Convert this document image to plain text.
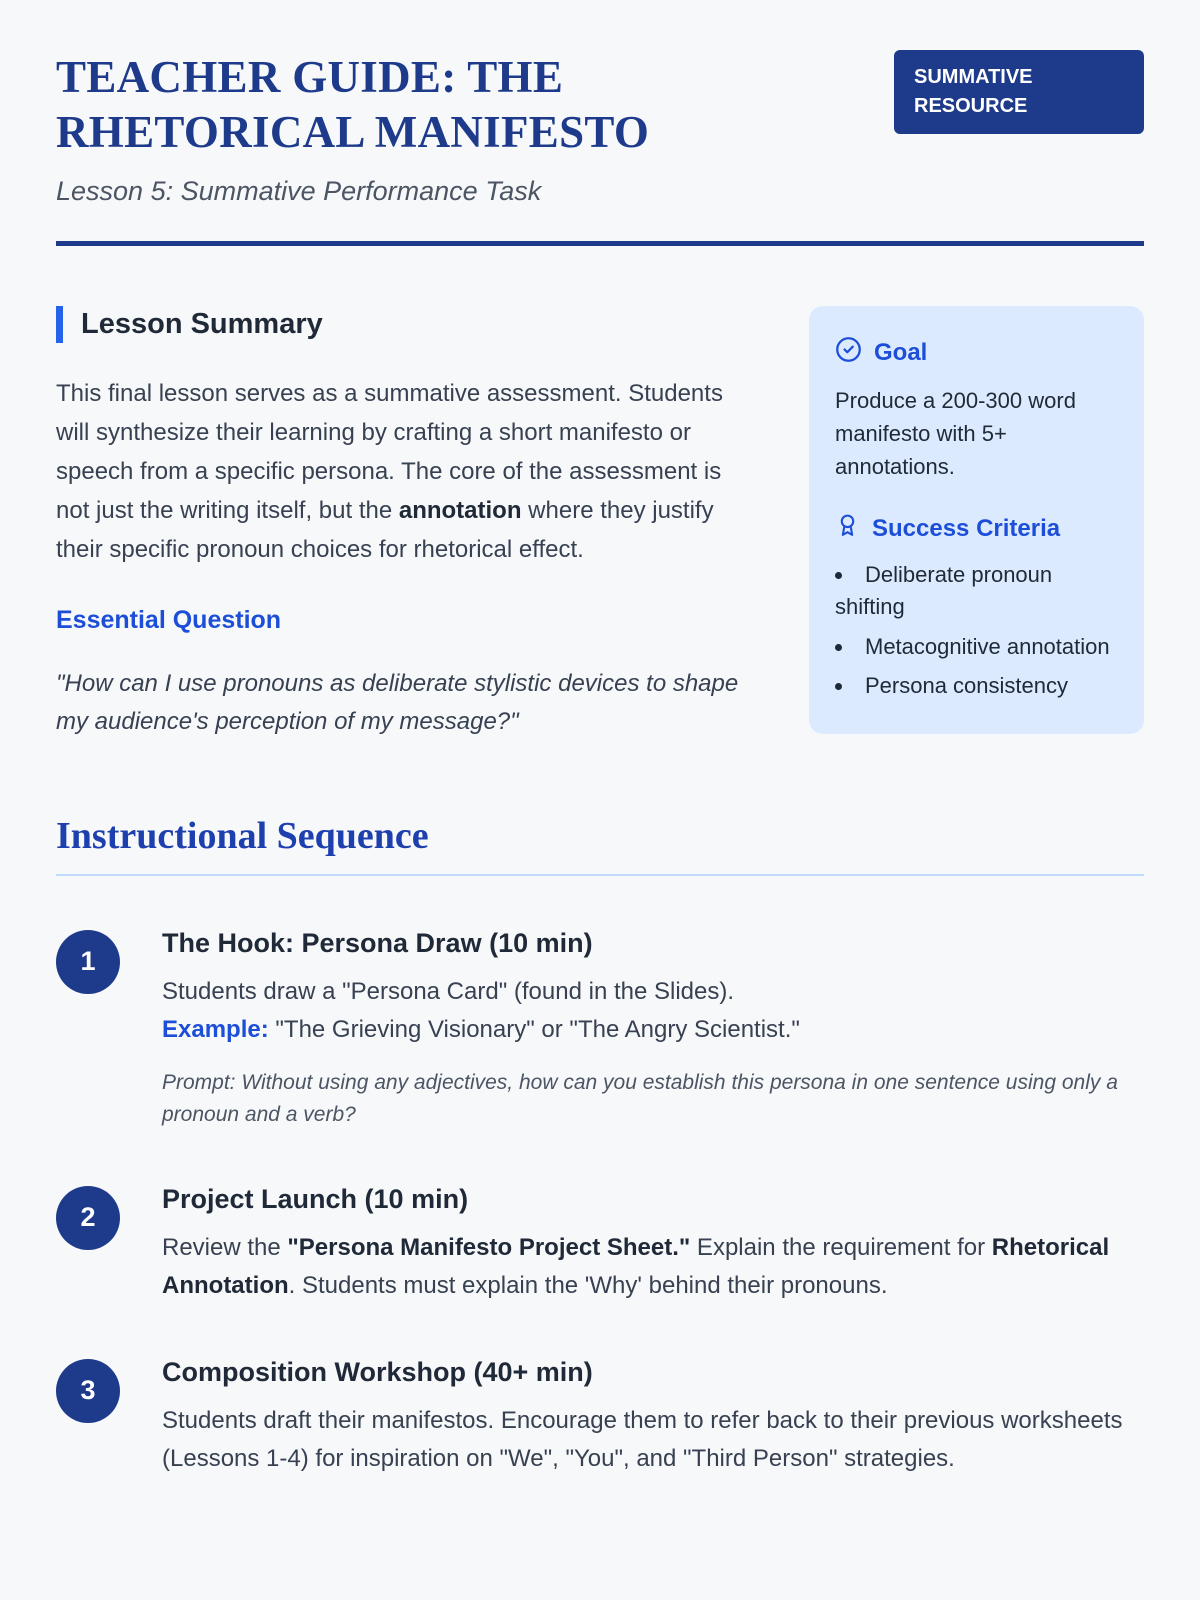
TEACHER GUIDE: THE RHETORICAL MANIFESTO
SUMMATIVE RESOURCE

Lesson 5: Summative Performance Task

Lesson Summary

This final lesson serves as a summative assessment. Students will synthesize their learning by crafting a short manifesto or speech from a specific persona. The core of the assessment is not just the writing itself, but the annotation where they justify their specific pronoun choices for rhetorical effect.

Essential Question

"How can I use pronouns as deliberate stylistic devices to shape my audience's perception of my message?"

Goal

Produce a 200-300 word manifesto with 5+ annotations.

Success Criteria
• Deliberate pronoun shifting
• Metacognitive annotation
• Persona consistency
Instructional Sequence
1
The Hook: Persona Draw (10 min)
Students draw a "Persona Card" (found in the Slides).
Example: "The Grieving Visionary" or "The Angry Scientist."

Prompt: Without using any adjectives, how can you establish this persona in one sentence using only a pronoun and a verb?

2
Project Launch (10 min)

Review the "Persona Manifesto Project Sheet." Explain the requirement for Rhetorical Annotation. Students must explain the 'Why' behind their pronouns.

3
Composition Workshop (40+ min)

Students draft their manifestos. Encourage them to refer back to their previous worksheets (Lessons 1-4) for inspiration on "We", "You", and "Third Person" strategies.
